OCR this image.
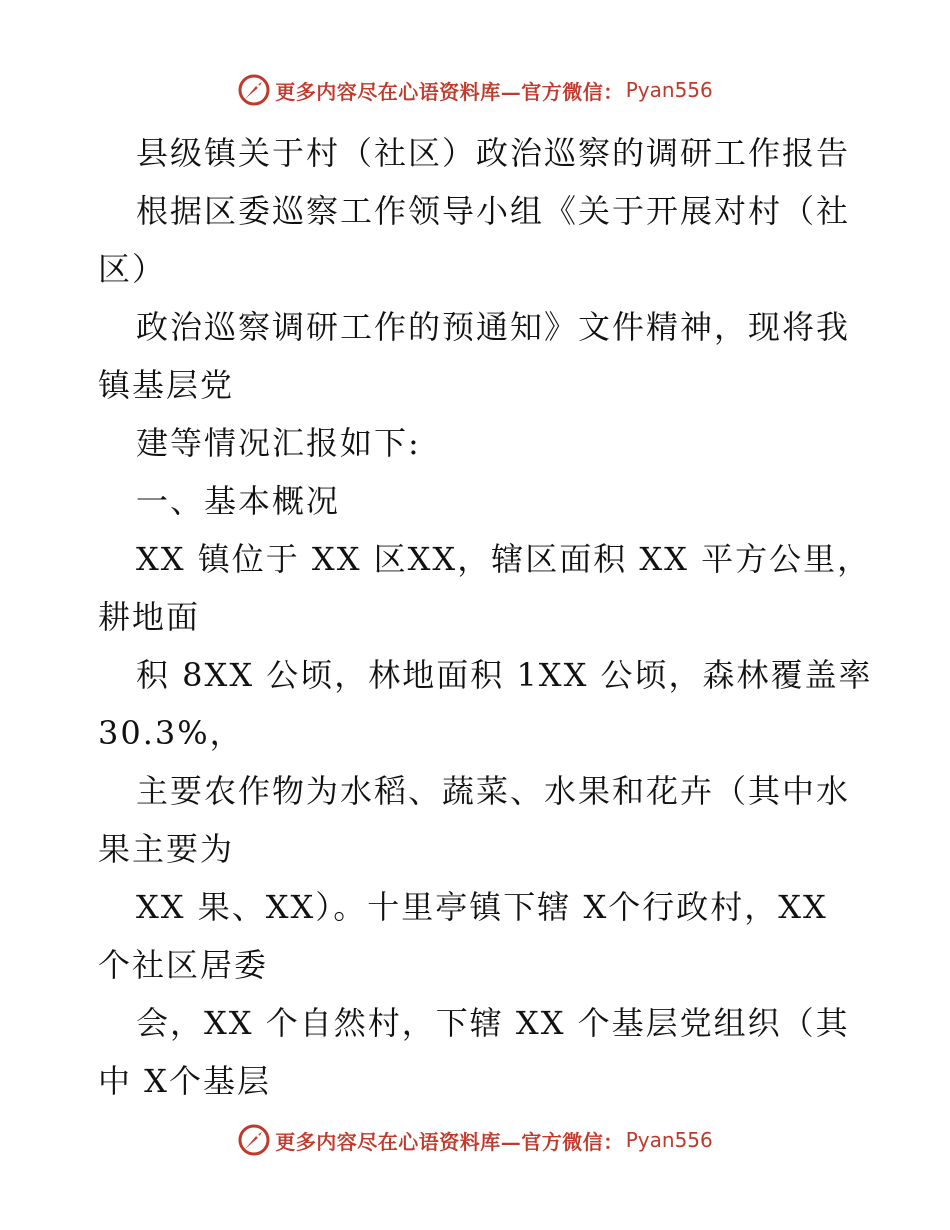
更多内容尽在心语资料库—官方微信： Pyan556
县级镇关于村（社区）政治巡察的调研工作报告
根据区委巡察工作领导小组《关于开展对村（社
区）
政治巡察调研工作的预通知》文件精神，现将我
镇基层党
建等情况汇报如下:
一、基本概况
XX 镇位于 XX 区XX，辖区面积 XX 平方公里，
耕地面
积 8XX 公顷，林地面积 1XX 公顷，森林覆盖率
30.3%，
主要农作物为水稻、蔬菜、水果和花卉（其中水
果主要为
XX 果、XX）。十里亭镇下辖 X个行政村，XX
个社区居委
会，XX 个自然村，下辖 XX 个基层党组织（其
中 X个基层
更多内容尽在心语资料库—官方微信： Pyan556
